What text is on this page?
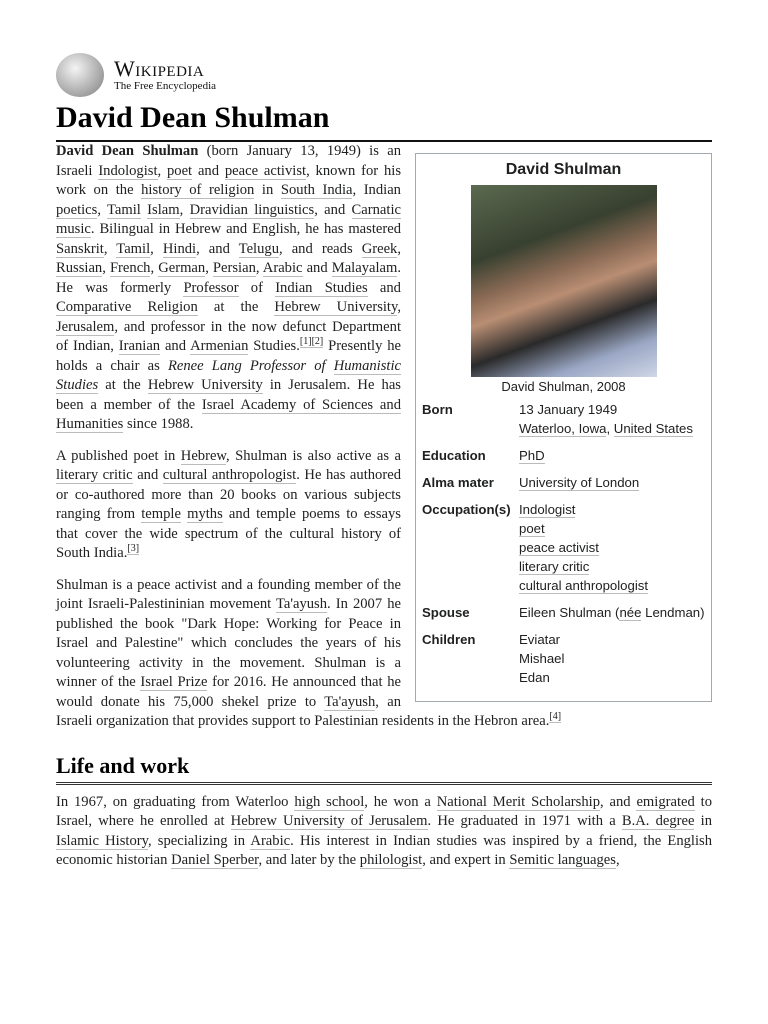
Wikipedia
The Free Encyclopedia
David Dean Shulman
David Shulman
David Shulman, 2008
Born	13 January 1949
Waterloo, Iowa, United States
Education	PhD
Alma mater	University of London
Occupation(s) Indologist
poet
peace activist
literary critic
cultural anthropologist
Spouse	Eileen Shulman (née Lendman)
Children	Eviatar
Mishael
Edan

David Dean Shulman (born January 13, 1949) is an Israeli Indologist, poet and peace activist, known for his work on the history of religion in South India, Indian poetics, Tamil Islam, Dravidian linguistics, and Carnatic music. Bilingual in Hebrew and English, he has mastered Sanskrit, Tamil, Hindi, and Telugu, and reads Greek, Russian, French, German, Persian, Arabic and Malayalam. He was formerly Professor of Indian Studies and Comparative Religion at the Hebrew University, Jerusalem, and professor in the now defunct Department of Indian, Iranian and Armenian Studies.[1][2] Presently he holds a chair as Renee Lang Professor of Humanistic Studies at the Hebrew University in Jerusalem. He has been a member of the Israel Academy of Sciences and Humanities since 1988.

A published poet in Hebrew, Shulman is also active as a literary critic and cultural anthropologist. He has authored or co-authored more than 20 books on various subjects ranging from temple myths and temple poems to essays that cover the wide spectrum of the cultural history of South India.[3]

Shulman is a peace activist and a founding member of the joint Israeli-Palestininian movement Ta'ayush. In 2007 he published the book "Dark Hope: Working for Peace in Israel and Palestine" which concludes the years of his volunteering activity in the movement. Shulman is a winner of the Israel Prize for 2016. He announced that he would donate his 75,000 shekel prize to Ta'ayush, an Israeli organization that provides support to Palestinian residents in the Hebron area.[4]

Life and work

In 1967, on graduating from Waterloo high school, he won a National Merit Scholarship, and emigrated to Israel, where he enrolled at Hebrew University of Jerusalem. He graduated in 1971 with a B.A. degree in Islamic History, specializing in Arabic. His interest in Indian studies was inspired by a friend, the English economic historian Daniel Sperber, and later by the philologist, and expert in Semitic languages,
